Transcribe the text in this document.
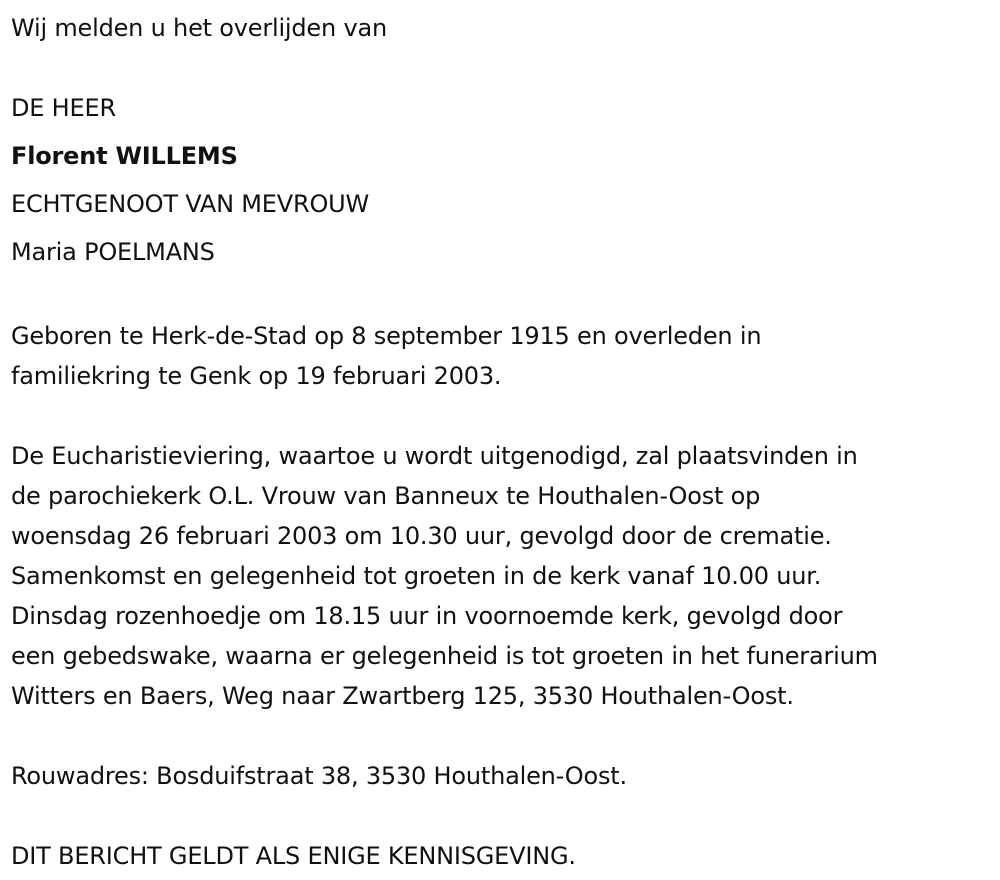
Wij melden u het overlijden van
DE HEER
Florent WILLEMS
ECHTGENOOT VAN MEVROUW
Maria POELMANS
Geboren te Herk-de-Stad op 8 september 1915 en overleden in
familiekring te Genk op 19 februari 2003.
De Eucharistieviering, waartoe u wordt uitgenodigd, zal plaatsvinden in
de parochiekerk O.L. Vrouw van Banneux te Houthalen-Oost op
woensdag 26 februari 2003 om 10.30 uur, gevolgd door de crematie.
Samenkomst en gelegenheid tot groeten in de kerk vanaf 10.00 uur.
Dinsdag rozenhoedje om 18.15 uur in voornoemde kerk, gevolgd door
een gebedswake, waarna er gelegenheid is tot groeten in het funerarium
Witters en Baers, Weg naar Zwartberg 125, 3530 Houthalen-Oost.
Rouwadres: Bosduifstraat 38, 3530 Houthalen-Oost.
DIT BERICHT GELDT ALS ENIGE KENNISGEVING.
